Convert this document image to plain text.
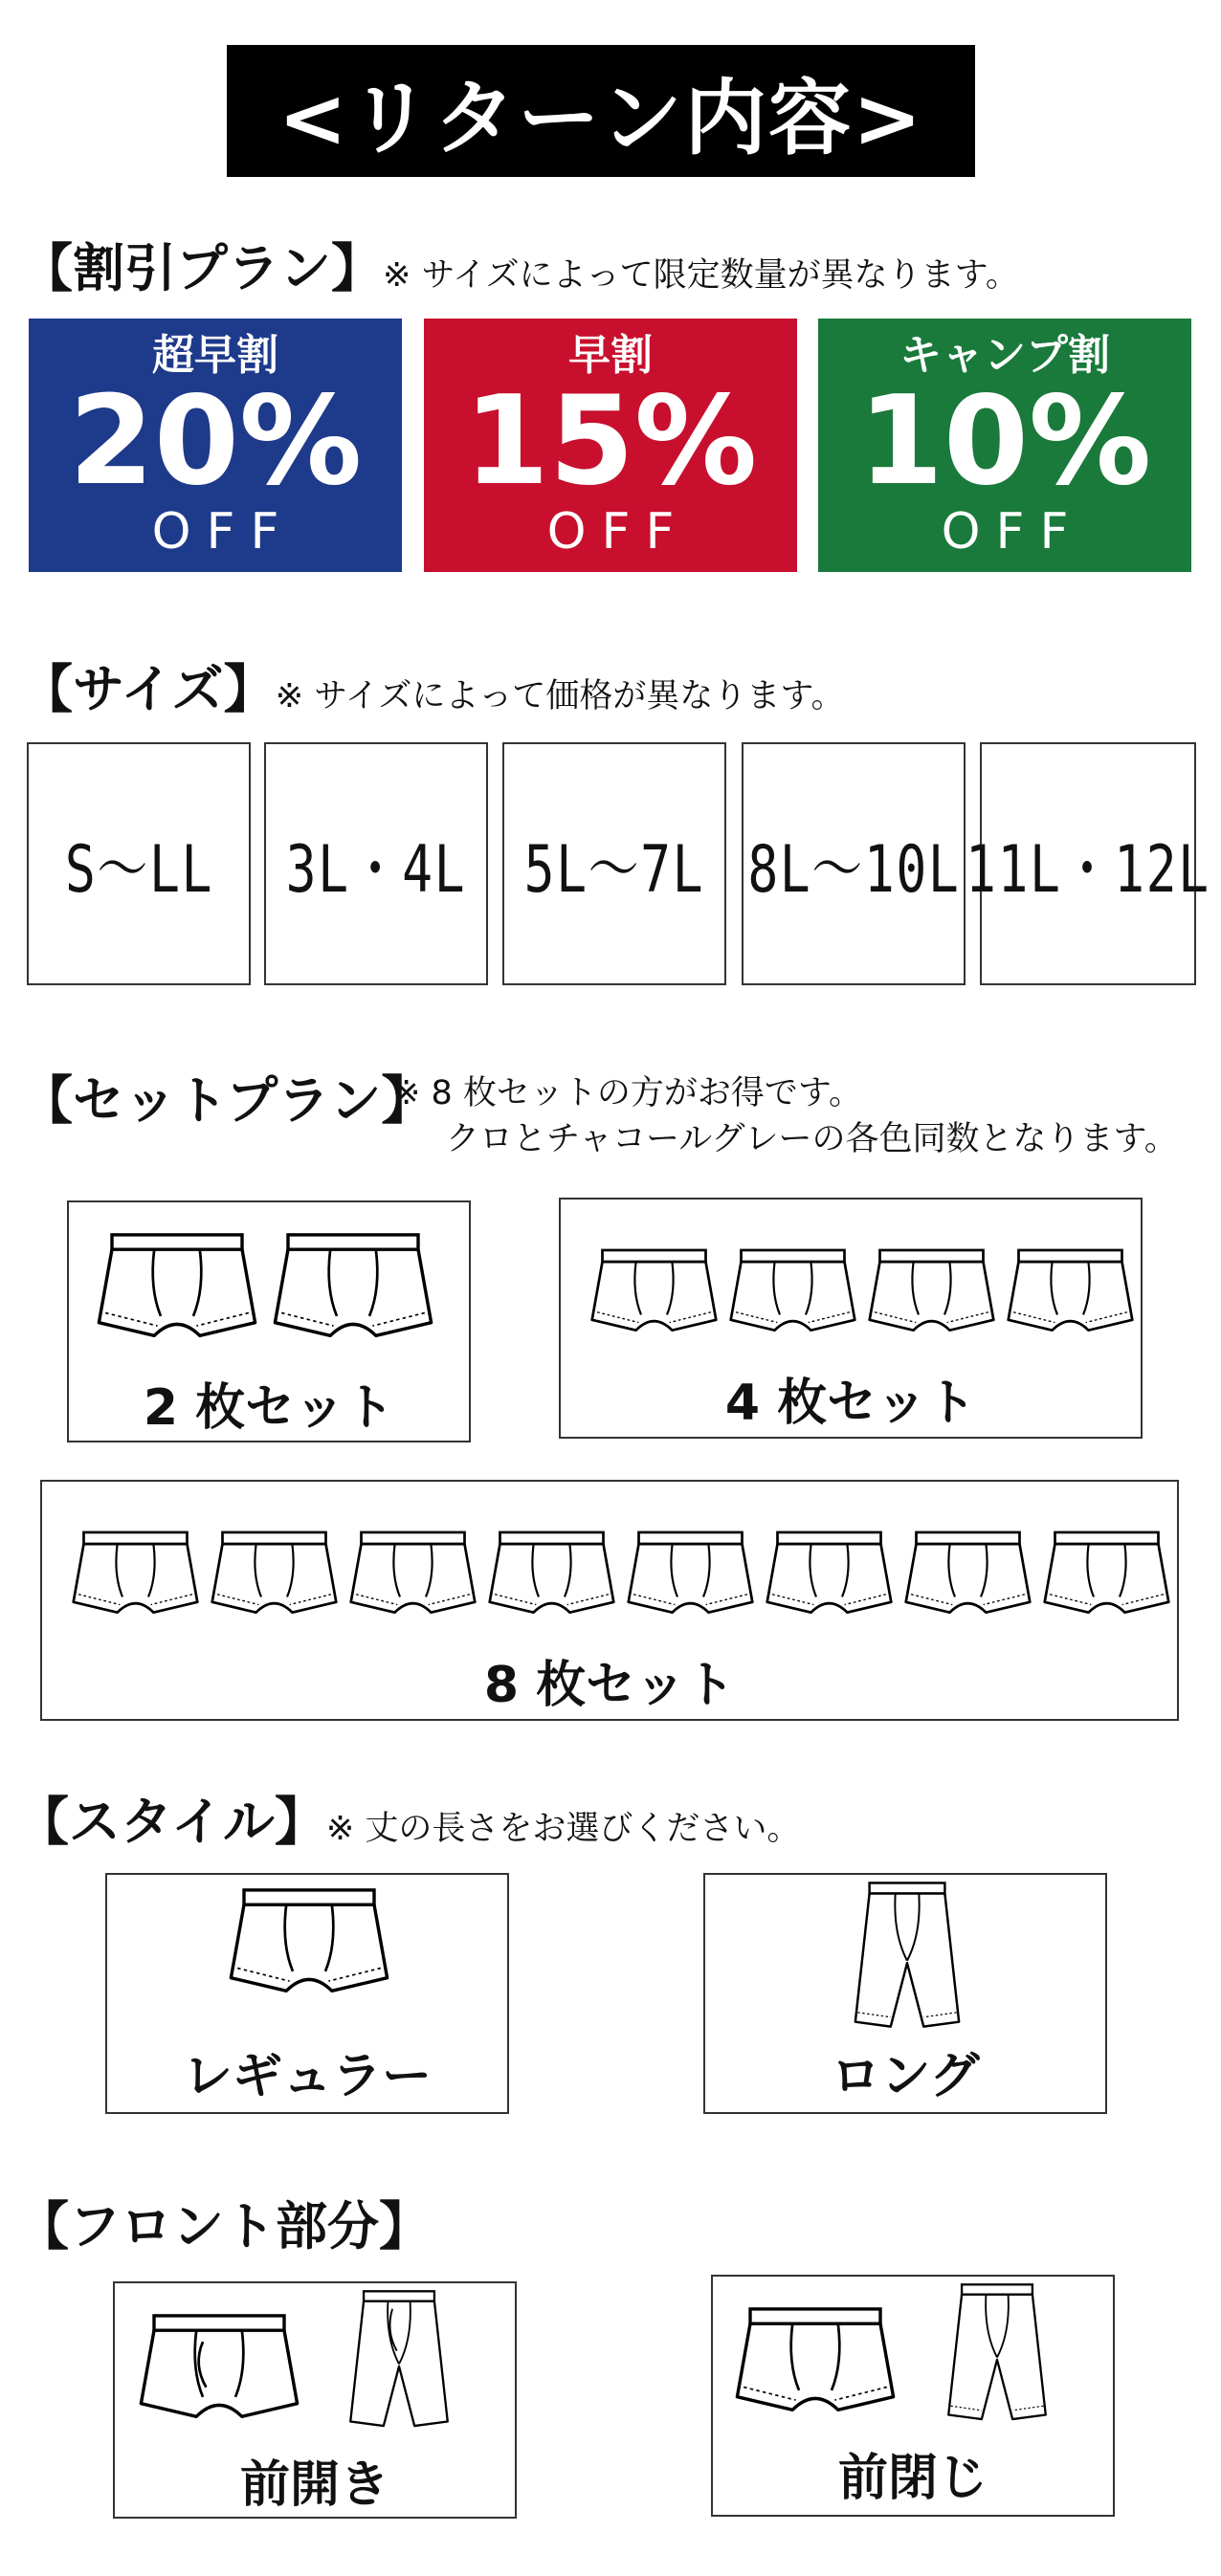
<リターン内容>
【割引プラン】※ サイズによって限定数量が異なります。
超早割
20%
OFF
早割
15%
OFF
キャンプ割
10%
OFF
【サイズ】※ サイズによって価格が異なります。
S～LL 3L・4L 5L～7L 8L～10L 11L・12L
【セットプラン】
※ 8 枚セットの方がお得です。
クロとチャコールグレーの各色同数となります。
2 枚セット	4 枚セット
8 枚セット
【スタイル】※ 丈の長さをお選びください。
レギュラー	ロング
【フロント部分】
前開き	前閉じ
